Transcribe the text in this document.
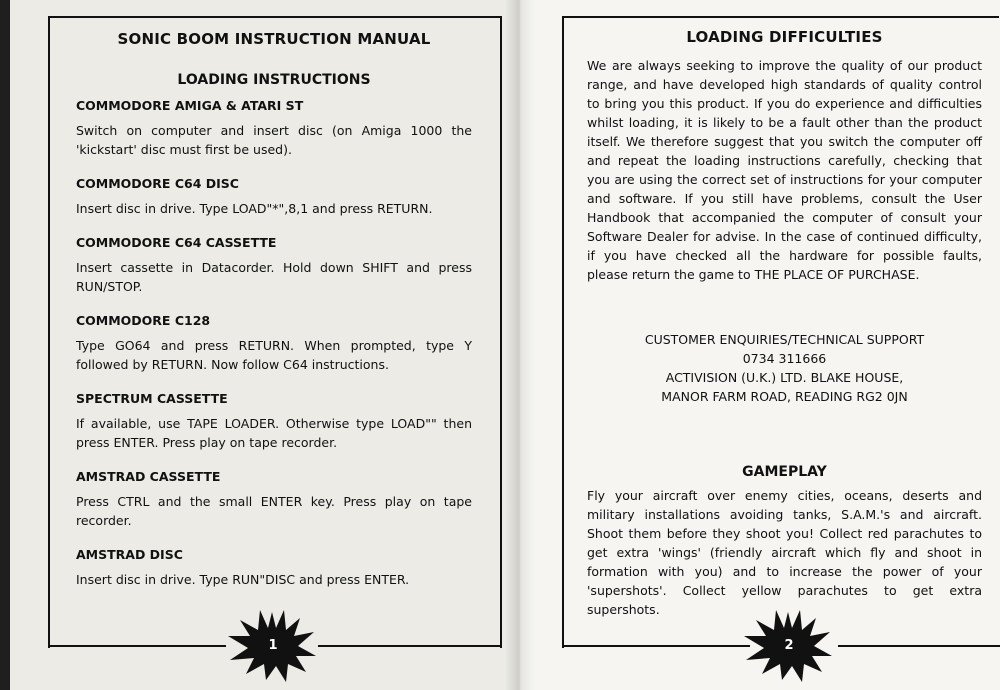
SONIC BOOM INSTRUCTION MANUAL
LOADING INSTRUCTIONS
COMMODORE AMIGA & ATARI ST

Switch on computer and insert disc (on Amiga 1000 the 'kickstart' disc must first be used).

COMMODORE C64 DISC

Insert disc in drive. Type LOAD"*",8,1 and press RETURN.

COMMODORE C64 CASSETTE

Insert cassette in Datacorder. Hold down SHIFT and press RUN/STOP.

COMMODORE C128

Type GO64 and press RETURN. When prompted, type Y followed by RETURN. Now follow C64 instructions.

SPECTRUM CASSETTE

If available, use TAPE LOADER. Otherwise type LOAD"" then press ENTER. Press play on tape recorder.

AMSTRAD CASSETTE

Press CTRL and the small ENTER key. Press play on tape recorder.

AMSTRAD DISC

Insert disc in drive. Type RUN"DISC and press ENTER.

1	2
LOADING DIFFICULTIES

We are always seeking to improve the quality of our product range, and have developed high standards of quality control to bring you this product. If you do experience and difficulties whilst loading, it is likely to be a fault other than the product itself. We therefore suggest that you switch the computer off and repeat the loading instructions carefully, checking that you are using the correct set of instructions for your computer and software. If you still have problems, consult the User Handbook that accompanied the computer of consult your Software Dealer for advise. In the case of continued difficulty, if you have checked all the hardware for possible faults, please return the game to THE PLACE OF PURCHASE.

CUSTOMER ENQUIRIES/TECHNICAL SUPPORT
0734 311666
ACTIVISION (U.K.) LTD. BLAKE HOUSE,
MANOR FARM ROAD, READING RG2 0JN
GAMEPLAY

Fly your aircraft over enemy cities, oceans, deserts and military installations avoiding tanks, S.A.M.'s and aircraft. Shoot them before they shoot you! Collect red parachutes to get extra 'wings' (friendly aircraft which fly and shoot in formation with you) and to increase the power of your 'supershots'. Collect yellow parachutes to get extra supershots.
